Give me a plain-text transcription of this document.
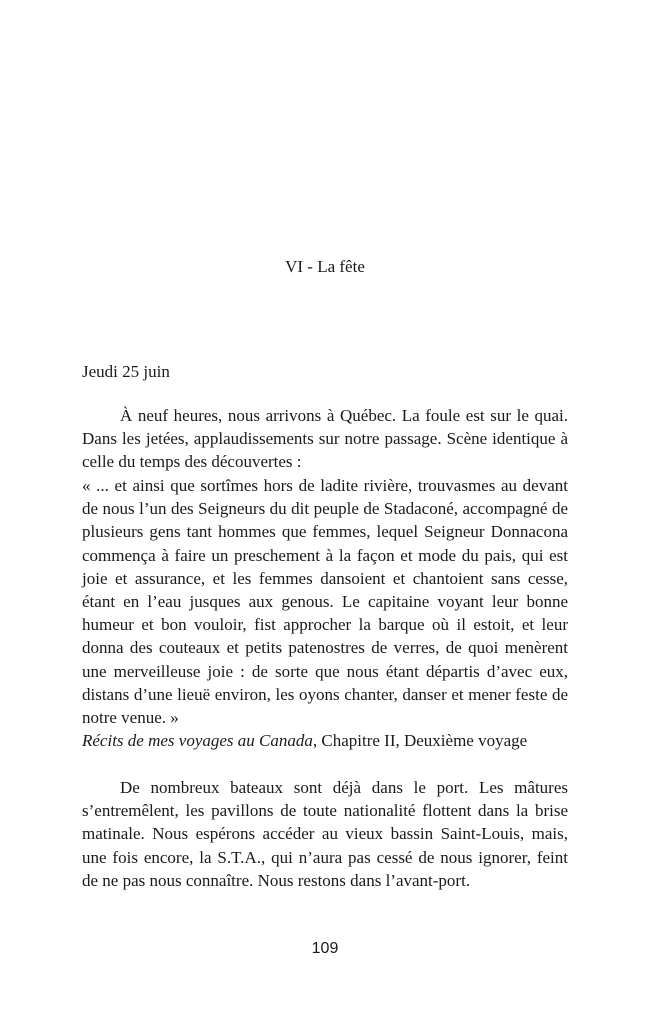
VI - La fête
Jeudi 25 juin

À neuf heures, nous arrivons à Québec. La foule est sur le quai. Dans les jetées, applaudissements sur notre passage. Scène identique à celle du temps des découvertes :

« ... et ainsi que sortîmes hors de ladite rivière, trouvasmes au devant de nous l’un des Seigneurs du dit peuple de Stadaconé, accompagné de plusieurs gens tant hommes que femmes, lequel Seigneur Donnacona commença à faire un preschement à la façon et mode du pais, qui est joie et assurance, et les femmes dansoient et chantoient sans cesse, étant en l’eau jusques aux genous. Le capitaine voyant leur bonne humeur et bon vouloir, fist approcher la barque où il estoit, et leur donna des couteaux et petits patenostres de verres, de quoi menèrent une merveilleuse joie : de sorte que nous étant départis d’avec eux, distans d’une lieuë environ, les oyons chanter, danser et mener feste de notre venue. »

Récits de mes voyages au Canada, Chapitre II, Deuxième voyage

De nombreux bateaux sont déjà dans le port. Les mâtures s’entremêlent, les pavillons de toute nationalité flottent dans la brise matinale. Nous espérons accéder au vieux bassin Saint-Louis, mais, une fois encore, la S.T.A., qui n’aura pas cessé de nous ignorer, feint de ne pas nous connaître. Nous restons dans l’avant-port.

109
